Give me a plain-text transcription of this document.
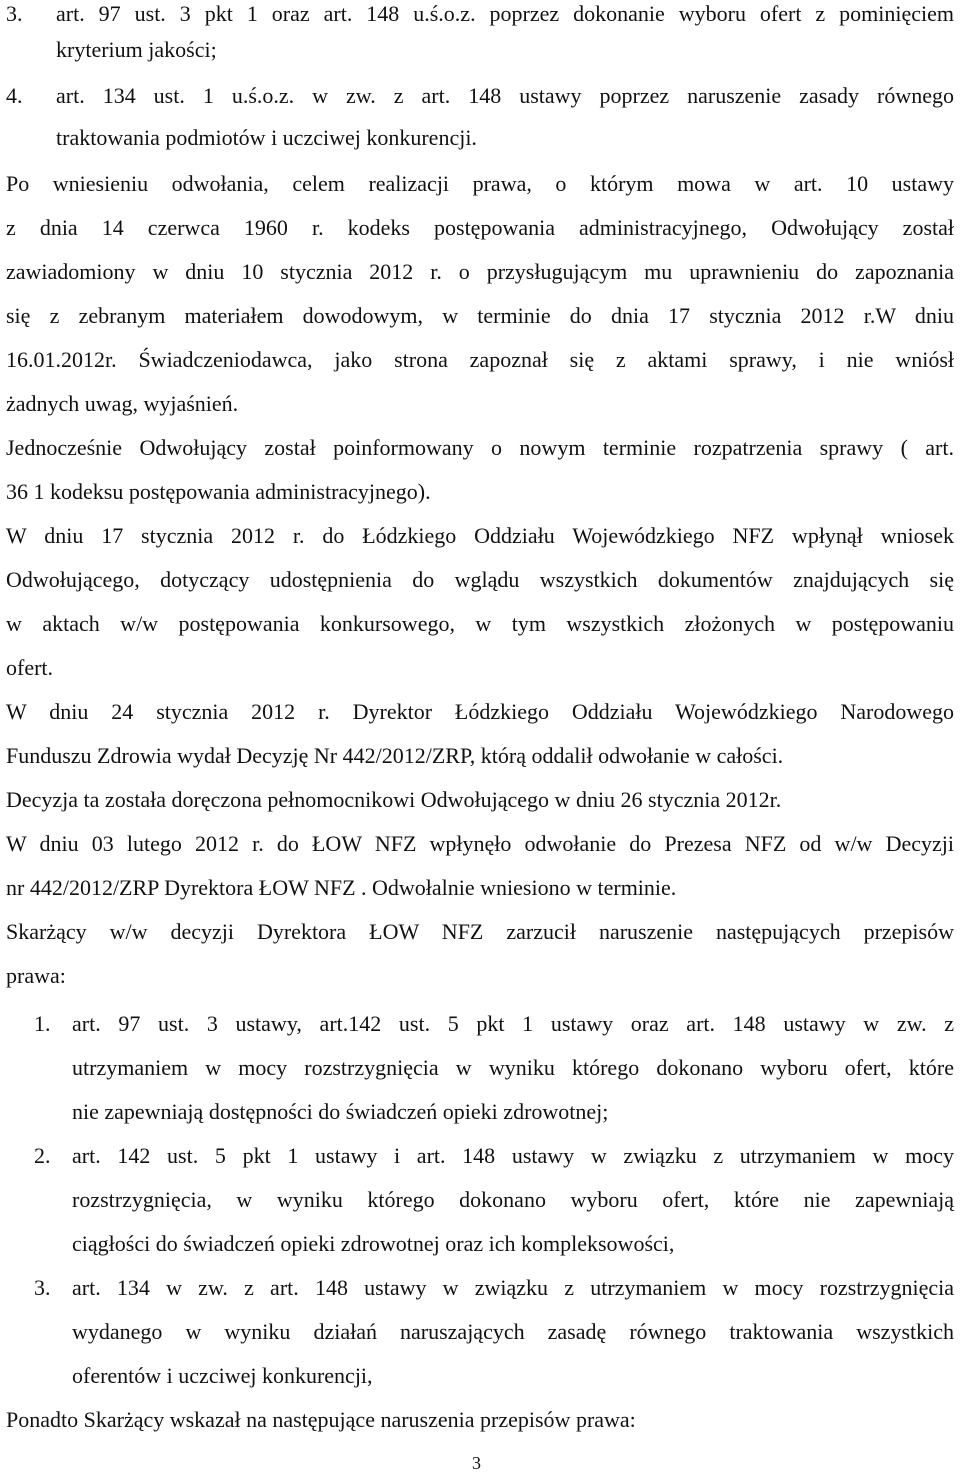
3. art. 97 ust. 3 pkt 1 oraz art. 148 u.ś.o.z. poprzez dokonanie wyboru ofert z pominięciem

kryterium jakości;

4. art. 134 ust. 1 u.ś.o.z. w zw. z art. 148 ustawy poprzez naruszenie zasady równego

traktowania podmiotów i uczciwej konkurencji.

Po wniesieniu odwołania, celem realizacji prawa, o którym mowa w art. 10 ustawy

z dnia 14 czerwca 1960 r. kodeks postępowania administracyjnego, Odwołujący został

zawiadomiony w dniu 10 stycznia 2012 r. o przysługującym mu uprawnieniu do zapoznania

się z zebranym materiałem dowodowym, w terminie do dnia 17 stycznia 2012 r.W dniu

16.01.2012r. Świadczeniodawca, jako strona zapoznał się z aktami sprawy, i nie wniósł

żadnych uwag, wyjaśnień.

Jednocześnie Odwołujący został poinformowany o nowym terminie rozpatrzenia sprawy ( art.

36 1 kodeksu postępowania administracyjnego).

W dniu 17 stycznia 2012 r. do Łódzkiego Oddziału Wojewódzkiego NFZ wpłynął wniosek

Odwołującego, dotyczący udostępnienia do wglądu wszystkich dokumentów znajdujących się

w aktach w/w postępowania konkursowego, w tym wszystkich złożonych w postępowaniu

ofert.

W dniu 24 stycznia 2012 r. Dyrektor Łódzkiego Oddziału Wojewódzkiego Narodowego

Funduszu Zdrowia wydał Decyzję Nr 442/2012/ZRP, którą oddalił odwołanie w całości.

Decyzja ta została doręczona pełnomocnikowi Odwołującego w dniu 26 stycznia 2012r.

W dniu 03 lutego 2012 r. do ŁOW NFZ wpłynęło odwołanie do Prezesa NFZ od w/w Decyzji

nr 442/2012/ZRP Dyrektora ŁOW NFZ . Odwołalnie wniesiono w terminie.

Skarżący w/w decyzji Dyrektora ŁOW NFZ zarzucił naruszenie następujących przepisów

prawa:

1. art. 97 ust. 3 ustawy, art.142 ust. 5 pkt 1 ustawy oraz art. 148 ustawy w zw. z

utrzymaniem w mocy rozstrzygnięcia w wyniku którego dokonano wyboru ofert, które

nie zapewniają dostępności do świadczeń opieki zdrowotnej;

2. art. 142 ust. 5 pkt 1 ustawy i art. 148 ustawy w związku z utrzymaniem w mocy

rozstrzygnięcia, w wyniku którego dokonano wyboru ofert, które nie zapewniają

ciągłości do świadczeń opieki zdrowotnej oraz ich kompleksowości,

3. art. 134 w zw. z art. 148 ustawy w związku z utrzymaniem w mocy rozstrzygnięcia

wydanego w wyniku działań naruszających zasadę równego traktowania wszystkich

oferentów i uczciwej konkurencji,

Ponadto Skarżący wskazał na następujące naruszenia przepisów prawa:

3
